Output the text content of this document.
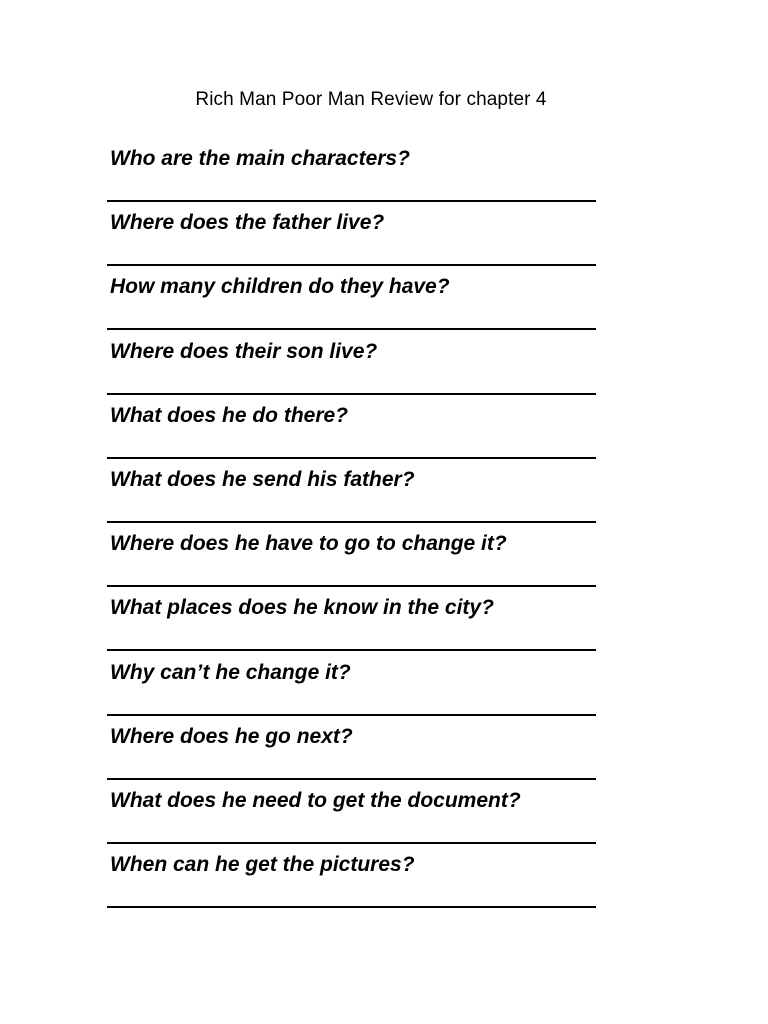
Rich Man Poor Man Review for chapter 4
Who are the main characters?
Where does the father live?
How many children do they have?
Where does their son live?
What does he do there?
What does he send his father?
Where does he have to go to change it?
What places does he know in the city?
Why can’t he change it?
Where does he go next?
What does he need to get the document?
When can he get the pictures?
